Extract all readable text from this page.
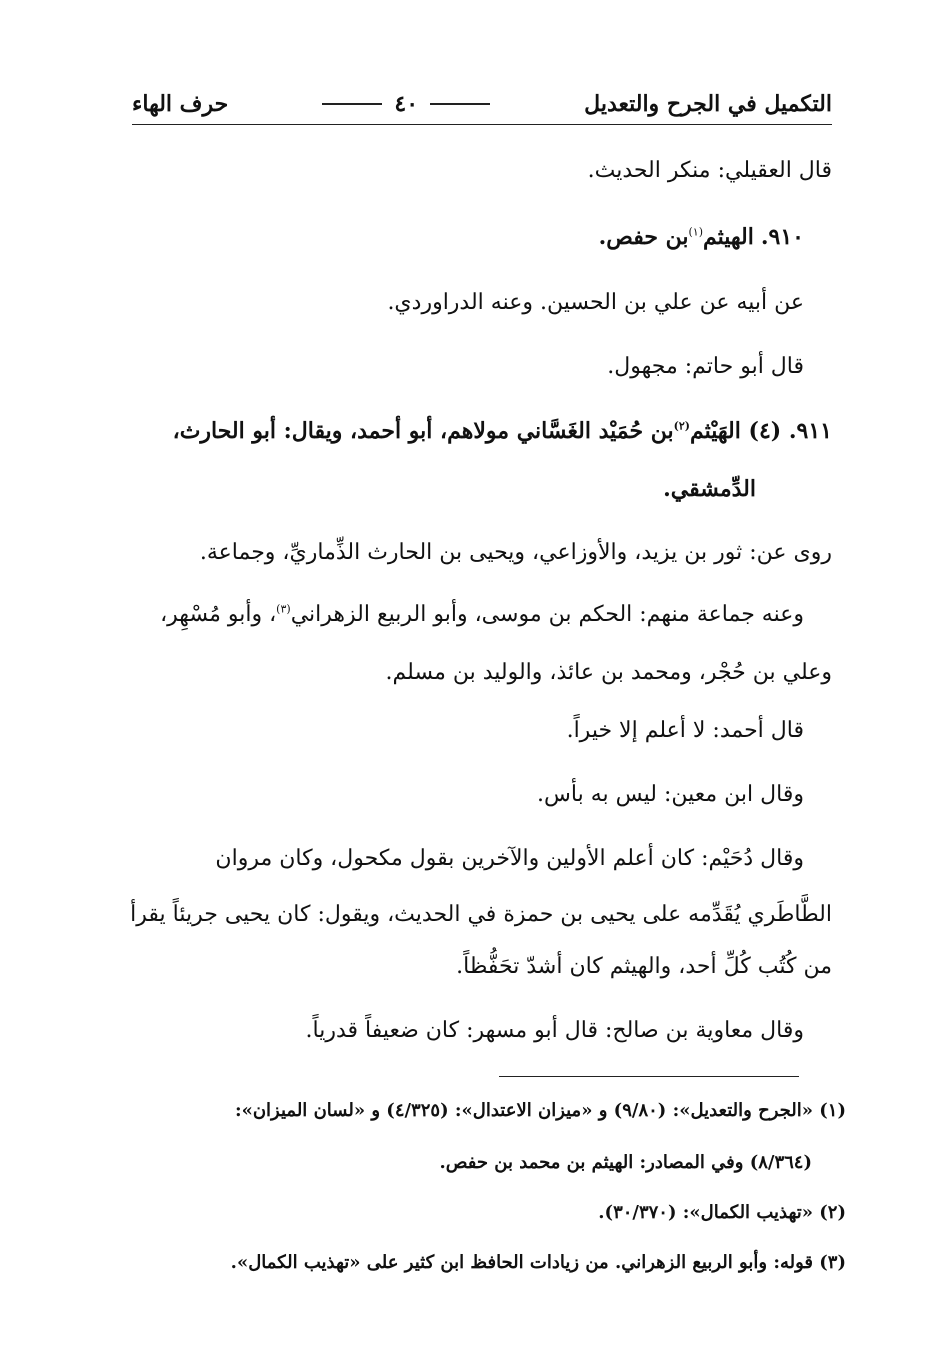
التكميل في الجرح والتعديل
٤٠
حرف الهاء
قال العقيلي: منكر الحديث.
٩١٠. الهيثم$^{(١)}$بن حفص.
عن أبيه عن علي بن الحسين. وعنه الدراوردي.
قال أبو حاتم: مجهول.
٩١١. (٤) الهَيْثم$^{(٢)}$بن حُمَيْد الغَسَّاني مولاهم، أبو أحمد، ويقال: أبو الحارث،
الدِّمشقي.
روى عن: ثور بن يزيد، والأوزاعي، ويحيى بن الحارث الذِّماريِّ، وجماعة.
وعنه جماعة منهم: الحكم بن موسى، وأبو الربيع الزهراني$^{(٣)}$، وأبو مُسْهِر،
وعلي بن حُجْر، ومحمد بن عائذ، والوليد بن مسلم.
قال أحمد: لا أعلم إلا خيراً.
وقال ابن معين: ليس به بأس.
وقال دُحَيْم: كان أعلم الأولين والآخرين بقول مكحول، وكان مروان
الطَّاطَري يُقَدِّمه على يحيى بن حمزة في الحديث، ويقول: كان يحيى جريئاً يقرأ
من كُتُب كُلِّ أحد، والهيثم كان أشدّ تحَفُّظاً.
وقال معاوية بن صالح: قال أبو مسهر: كان ضعيفاً قدرياً.
(١) «الجرح والتعديل»: (٩/٨٠) و «ميزان الاعتدال»: (٤/٣٢٥) و «لسان الميزان»:
(٨/٣٦٤) وفي المصادر: الهيثم بن محمد بن حفص.
(٢) «تهذيب الكمال»: (٣٠/٣٧٠).
(٣) قوله: وأبو الربيع الزهراني. من زيادات الحافظ ابن كثير على «تهذيب الكمال».
